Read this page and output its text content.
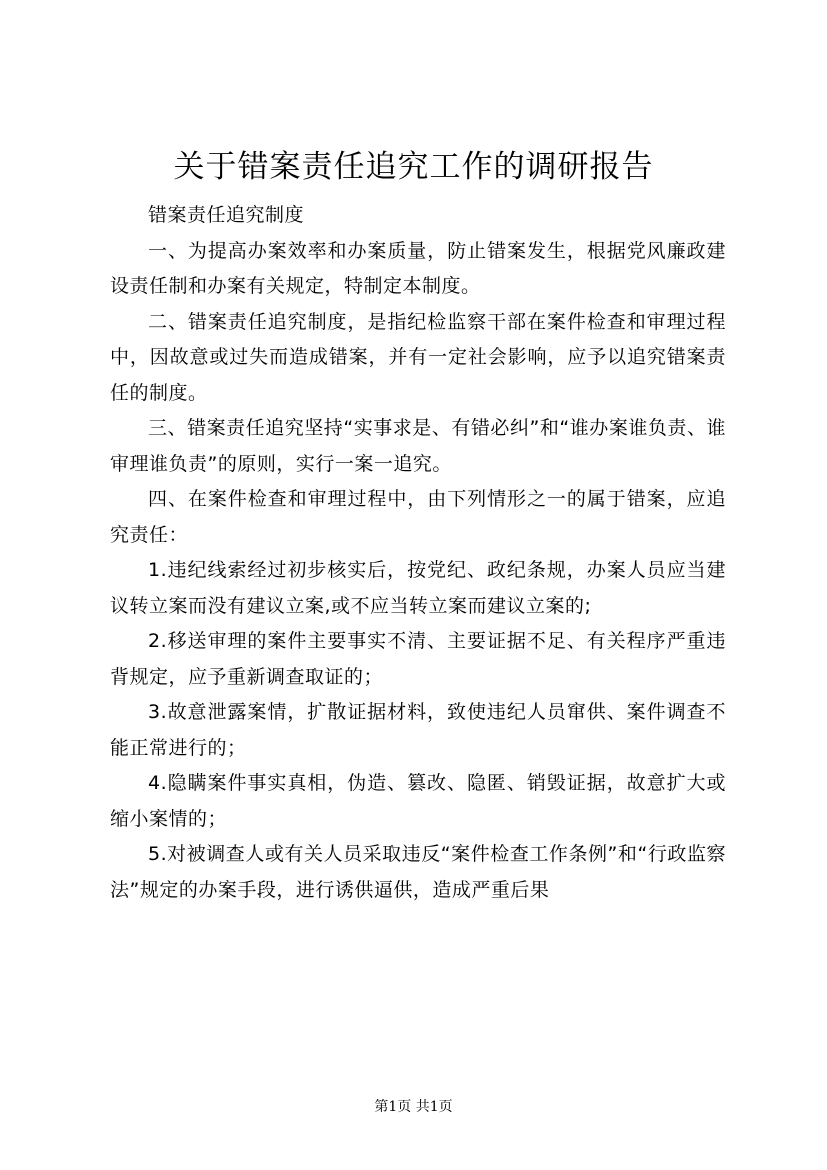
关于错案责任追究工作的调研报告

错案责任追究制度

一、为提高办案效率和办案质量，防止错案发生，根据党风廉政建设责任制和办案有关规定，特制定本制度。

二、错案责任追究制度，是指纪检监察干部在案件检查和审理过程中，因故意或过失而造成错案，并有一定社会影响，应予以追究错案责任的制度。

三、错案责任追究坚持“实事求是、有错必纠”和“谁办案谁负责、谁审理谁负责”的原则，实行一案一追究。

四、在案件检查和审理过程中，由下列情形之一的属于错案，应追究责任：

1.违纪线索经过初步核实后，按党纪、政纪条规，办案人员应当建议转立案而没有建议立案,或不应当转立案而建议立案的;

2.移送审理的案件主要事实不清、主要证据不足、有关程序严重违背规定，应予重新调查取证的；

3.故意泄露案情，扩散证据材料，致使违纪人员窜供、案件调查不能正常进行的；

4.隐瞒案件事实真相，伪造、篡改、隐匿、销毁证据，故意扩大或缩小案情的；

5.对被调查人或有关人员采取违反“案件检查工作条例”和“行政监察法”规定的办案手段，进行诱供逼供，造成严重后果

第1页 共1页
